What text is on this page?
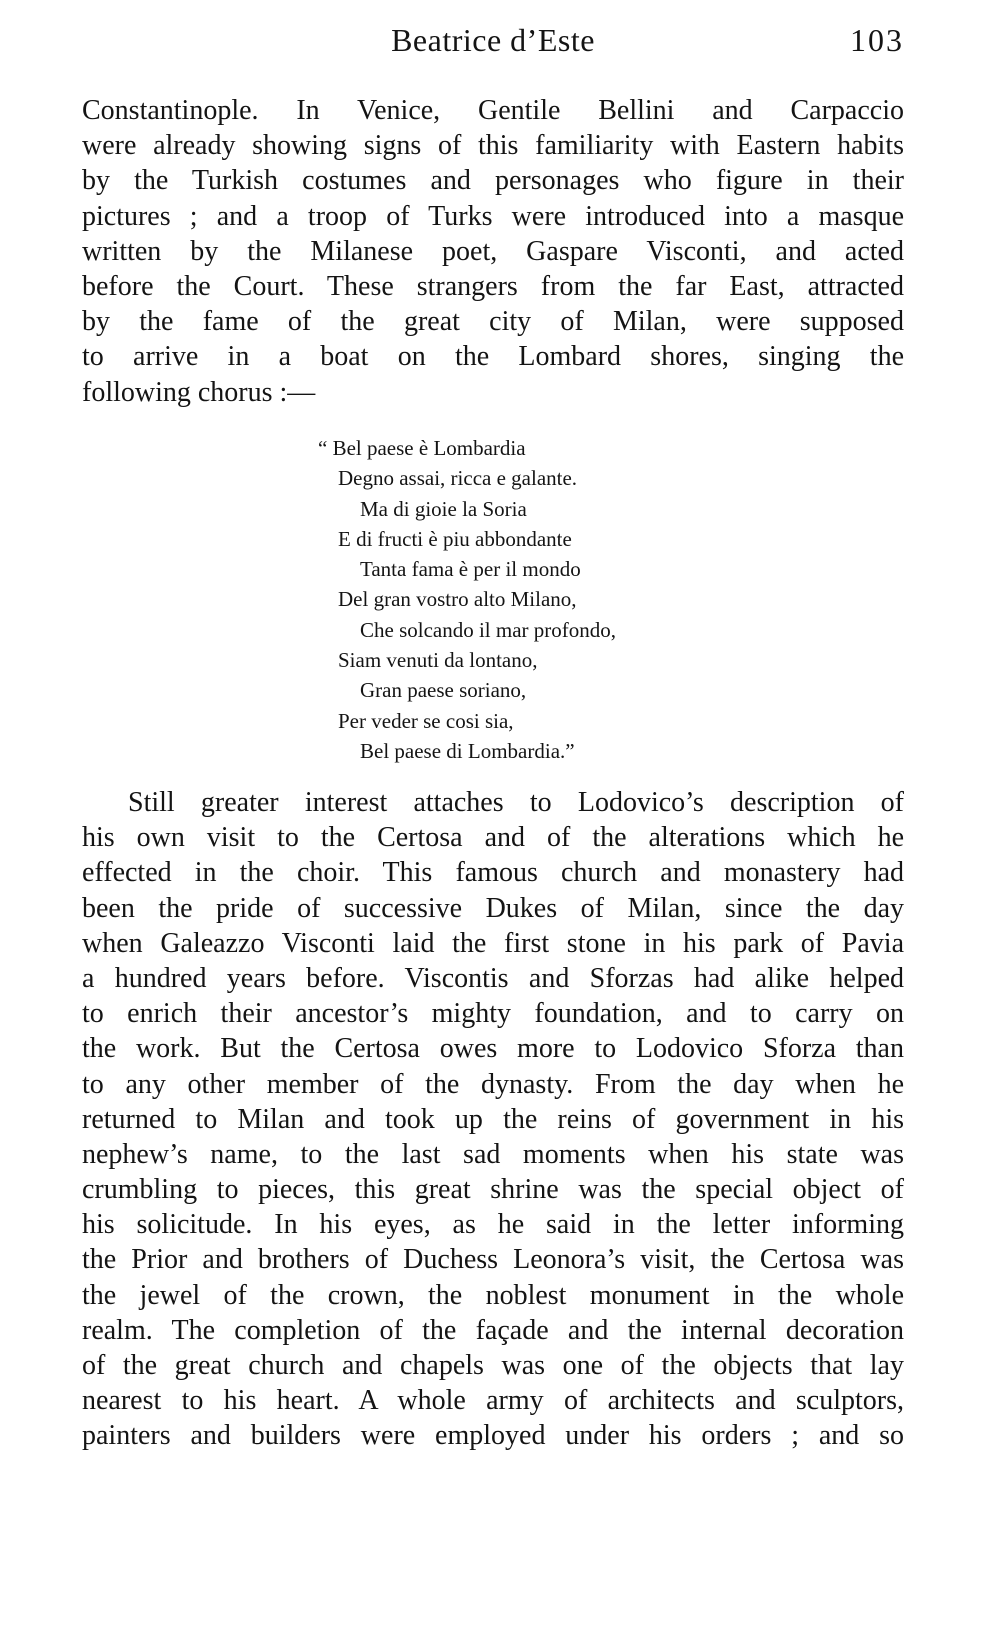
Beatrice d’Este	103
Constantinople. In Venice, Gentile Bellini and Carpaccio
were already showing signs of this familiarity with Eastern habits
by the Turkish costumes and personages who figure in their
pictures ; and a troop of Turks were introduced into a masque
written by the Milanese poet, Gaspare Visconti, and acted
before the Court. These strangers from the far East, attracted
by the fame of the great city of Milan, were supposed
to arrive in a boat on the Lombard shores, singing the
following chorus :—
“ Bel paese è Lombardia
Degno assai, ricca e galante.
Ma di gioie la Soria
E di fructi è piu abbondante
Tanta fama è per il mondo
Del gran vostro alto Milano,
Che solcando il mar profondo,
Siam venuti da lontano,
Gran paese soriano,
Per veder se cosi sia,
Bel paese di Lombardia.”
Still greater interest attaches to Lodovico’s description of
his own visit to the Certosa and of the alterations which he
effected in the choir. This famous church and monastery had
been the pride of successive Dukes of Milan, since the day
when Galeazzo Visconti laid the first stone in his park of Pavia
a hundred years before. Viscontis and Sforzas had alike helped
to enrich their ancestor’s mighty foundation, and to carry on
the work. But the Certosa owes more to Lodovico Sforza than
to any other member of the dynasty. From the day when he
returned to Milan and took up the reins of government in his
nephew’s name, to the last sad moments when his state was
crumbling to pieces, this great shrine was the special object of
his solicitude. In his eyes, as he said in the letter informing
the Prior and brothers of Duchess Leonora’s visit, the Certosa was
the jewel of the crown, the noblest monument in the whole
realm. The completion of the façade and the internal decoration
of the great church and chapels was one of the objects that lay
nearest to his heart. A whole army of architects and sculptors,
painters and builders were employed under his orders ; and so
